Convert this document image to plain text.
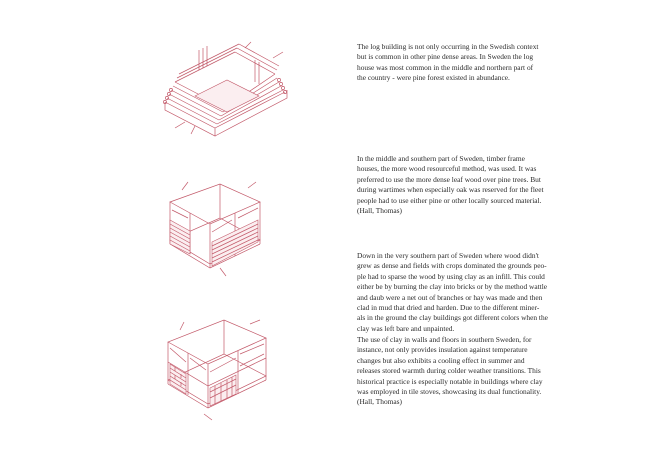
The log building is not only occurring in the Swedish context

but is common in other pine dense areas. In Sweden the log

house was most common in the middle and northern part of

the country - were pine forest existed in abundance.

In the middle and southern part of Sweden, timber frame

houses, the more wood resourceful method, was used. It was

preferred to use the more dense leaf wood over pine trees. But

during wartimes when especially oak was reserved for the fleet

people had to use either pine or other locally sourced material.

(Hall, Thomas)

Down in the very southern part of Sweden where wood didn't

grew as dense and fields with crops dominated the grounds peo-

ple had to sparse the wood by using clay as an infill. This could

either be by burning the clay into bricks or by the method wattle

and daub were a net out of branches or hay was made and then

clad in mud that dried and harden. Due to the different miner-

als in the ground the clay buildings got different colors when the

clay was left bare and unpainted.

The use of clay in walls and floors in southern Sweden, for

instance, not only provides insulation against temperature

changes but also exhibits a cooling effect in summer and

releases stored warmth during colder weather transitions. This

historical practice is especially notable in buildings where clay

was employed in tile stoves, showcasing its dual functionality.

(Hall, Thomas)
